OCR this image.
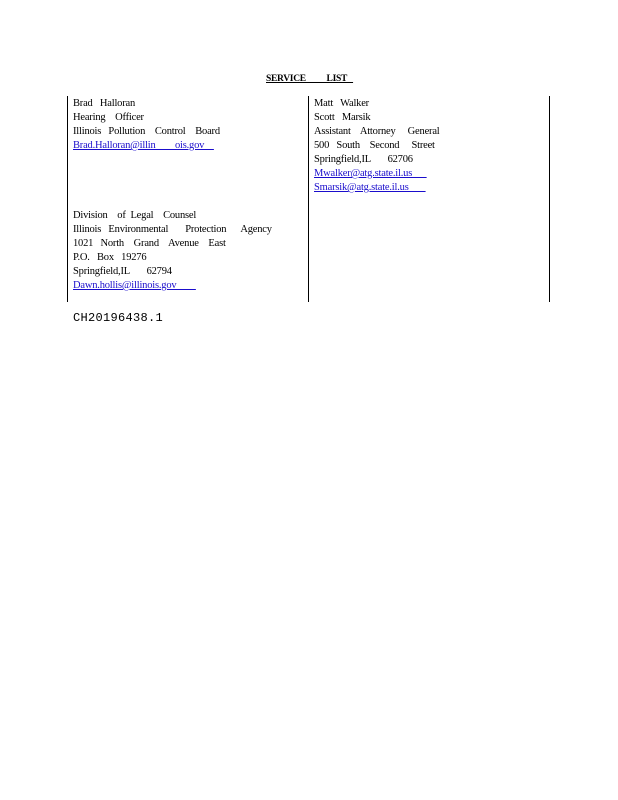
SERVICE          LIST
Brad   Halloran
Hearing    Officer
Illinois   Pollution    Control    Board
Brad.Halloran@illin        ois.gov
Division    of  Legal    Counsel
Illinois   Environmental       Protection      Agency
1021   North    Grand    Avenue    East
P.O.   Box   19276
Springfield,IL       62794
Dawn.hollis@illinois.gov
Matt   Walker
Scott   Marsik
Assistant    Attorney     General
500   South    Second     Street
Springfield,IL       62706
Mwalker@atg.state.il.us
Smarsik@atg.state.il.us
CH20196438.1
